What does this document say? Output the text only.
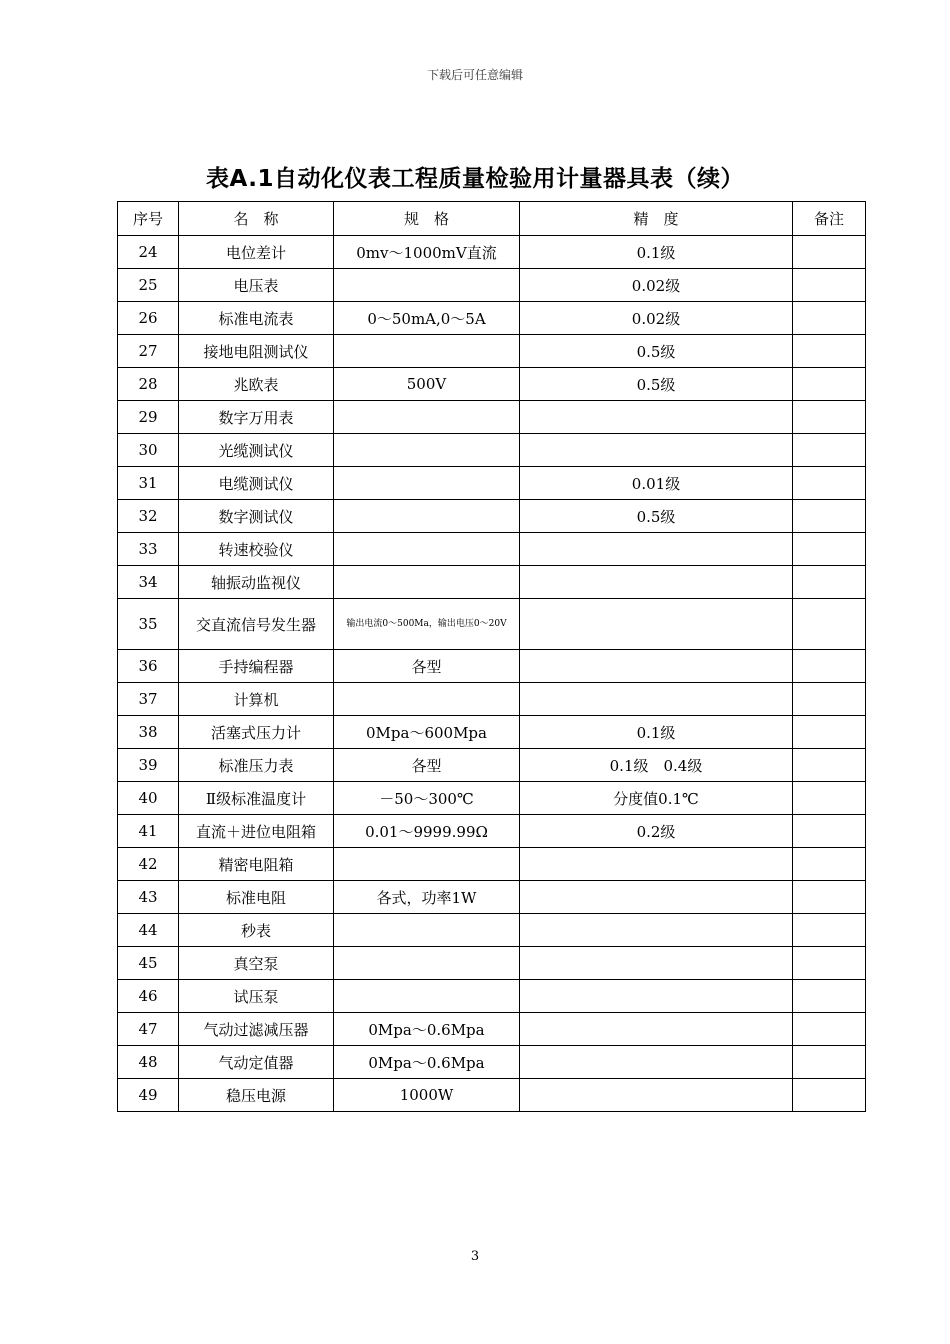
下载后可任意编辑
表A.1自动化仪表工程质量检验用计量器具表（续）
序号	名　称	规　格	精　度	备注
24	电位差计	0mv～1000mV直流	0.1级	
25	电压表		0.02级	
26	标准电流表	0～50mA,0～5A	0.02级	
27	接地电阻测试仪		0.5级	
28	兆欧表	500V	0.5级	
29	数字万用表			
30	光缆测试仪			
31	电缆测试仪		0.01级	
32	数字测试仪		0.5级	
33	转速校验仪			
34	轴振动监视仪			
35	交直流信号发生器	输出电流0～500Ma，输出电压0～20V		
36	手持编程器	各型		
37	计算机			
38	活塞式压力计	0Mpa～600Mpa	0.1级	
39	标准压力表	各型	0.1级　0.4级	
40	Ⅱ级标准温度计	－50～300℃	分度值0.1℃	
41	直流＋进位电阻箱	0.01～9999.99Ω	0.2级	
42	精密电阻箱			
43	标准电阻	各式，功率1W		
44	秒表			
45	真空泵			
46	试压泵			
47	气动过滤减压器	0Mpa～0.6Mpa		
48	气动定值器	0Mpa～0.6Mpa		
49	稳压电源	1000W		
3
